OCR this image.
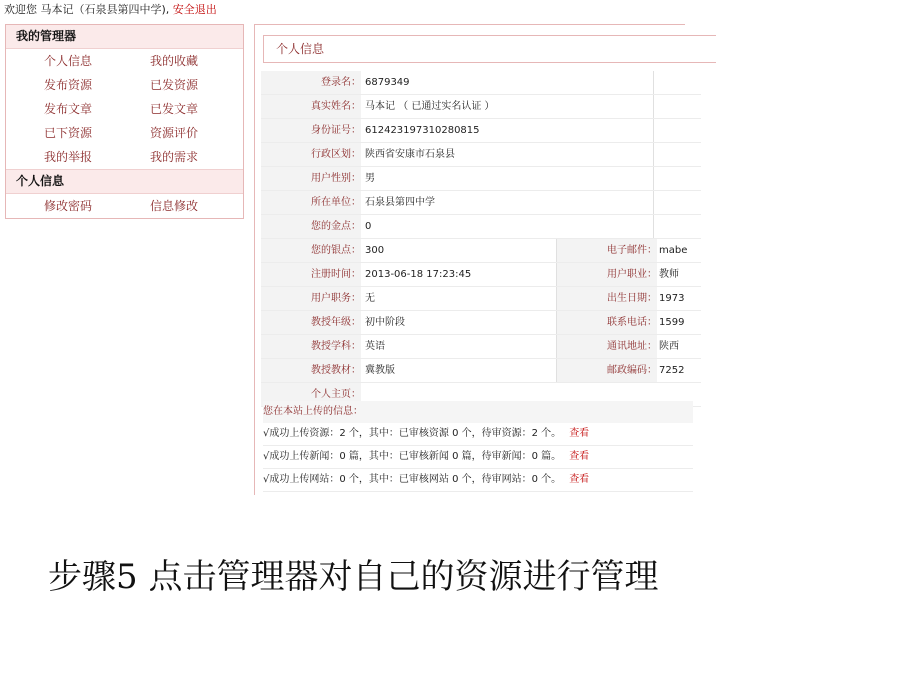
欢迎您 马本记（石泉县第四中学), 安全退出
我的管理器
个人信息	我的收藏
发布资源	已发资源
发布文章	已发文章
已下资源	资源评价
我的举报	我的需求
个人信息
修改密码	信息修改
个人信息
登录名： 6879349
真实姓名： 马本记 （ 已通过实名认证 ）
身份证号： 612423197310280815
行政区划： 陕西省安康市石泉县
用户性别： 男
所在单位： 石泉县第四中学
您的金点： 0
您的银点： 300	电子邮件： mabe
注册时间： 2013-06-18 17:23:45	用户职业： 教师
用户职务： 无	出生日期： 1973
教授年级： 初中阶段	联系电话： 1599
教授学科： 英语	通讯地址： 陕西
教授教材： 冀教版	邮政编码： 7252
个人主页：
您在本站上传的信息：
√成功上传资源：2 个，其中：已审核资源 0 个，待审资源：2 个。 查看
√成功上传新闻：0 篇，其中：已审核新闻 0 篇，待审新闻：0 篇。 查看
√成功上传网站：0 个，其中：已审核网站 0 个，待审网站：0 个。 查看
步骤5 点击管理器对自己的资源进行管理
